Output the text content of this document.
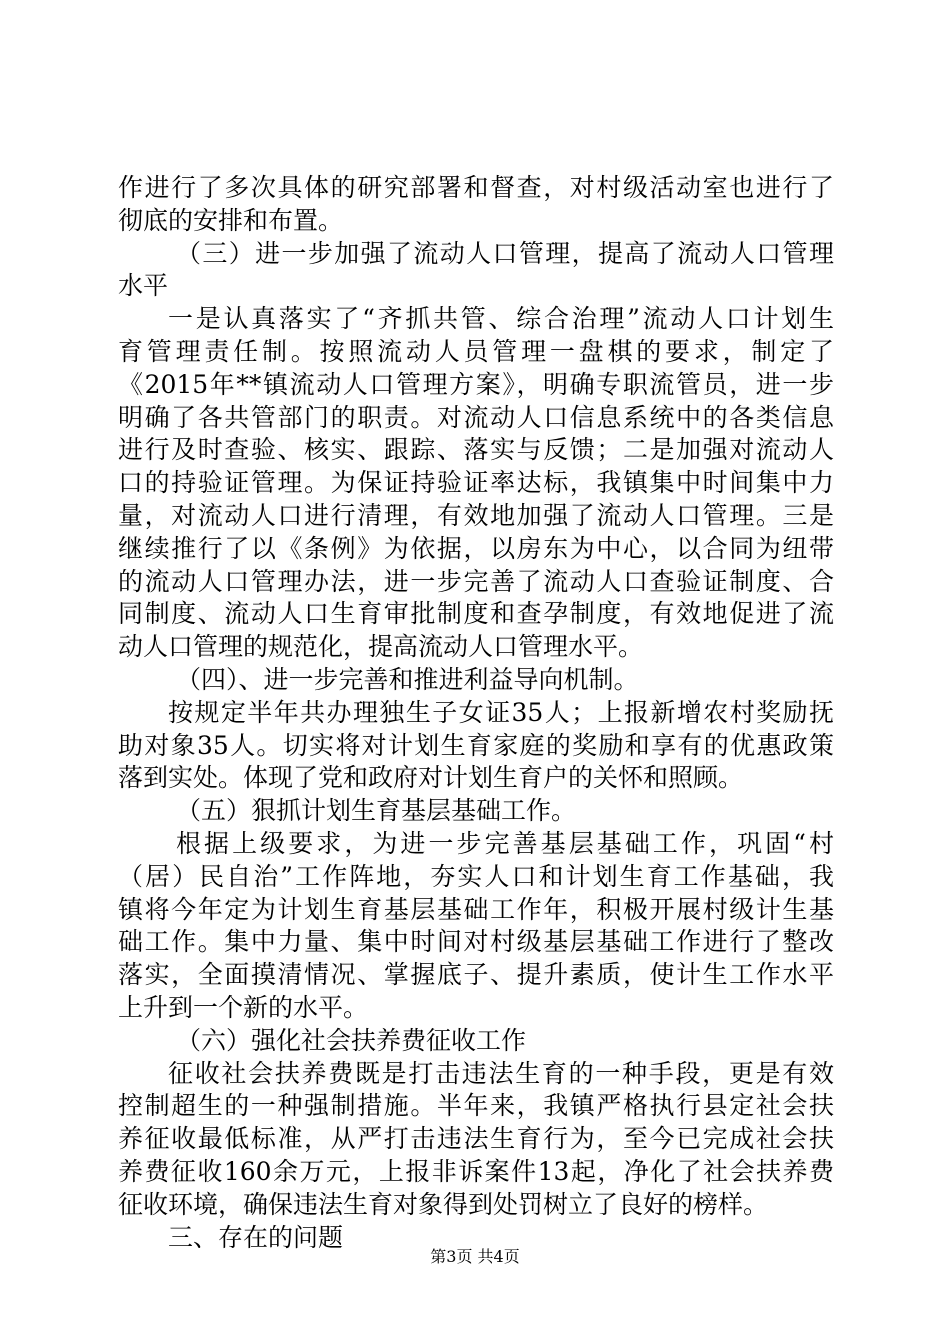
作进行了多次具体的研究部署和督查，对村级活动室也进行了
彻底的安排和布置。
（三）进一步加强了流动人口管理，提高了流动人口管理
水平
一是认真落实了“齐抓共管、综合治理”流动人口计划生
育管理责任制。按照流动人员管理一盘棋的要求，制定了
《2015年**镇流动人口管理方案》，明确专职流管员，进一步
明确了各共管部门的职责。对流动人口信息系统中的各类信息
进行及时查验、核实、跟踪、落实与反馈；二是加强对流动人
口的持验证管理。为保证持验证率达标，我镇集中时间集中力
量，对流动人口进行清理，有效地加强了流动人口管理。三是
继续推行了以《条例》为依据，以房东为中心，以合同为纽带
的流动人口管理办法，进一步完善了流动人口查验证制度、合
同制度、流动人口生育审批制度和查孕制度，有效地促进了流
动人口管理的规范化，提高流动人口管理水平。
（四）、进一步完善和推进利益导向机制。
按规定半年共办理独生子女证35人；上报新增农村奖励抚
助对象35人。切实将对计划生育家庭的奖励和享有的优惠政策
落到实处。体现了党和政府对计划生育户的关怀和照顾。
（五）狠抓计划生育基层基础工作。
根据上级要求，为进一步完善基层基础工作，巩固“村
（居）民自治”工作阵地，夯实人口和计划生育工作基础，我
镇将今年定为计划生育基层基础工作年，积极开展村级计生基
础工作。集中力量、集中时间对村级基层基础工作进行了整改
落实，全面摸清情况、掌握底子、提升素质，使计生工作水平
上升到一个新的水平。
（六）强化社会扶养费征收工作
征收社会扶养费既是打击违法生育的一种手段，更是有效
控制超生的一种强制措施。半年来，我镇严格执行县定社会扶
养征收最低标准，从严打击违法生育行为，至今已完成社会扶
养费征收160余万元，上报非诉案件13起，净化了社会扶养费
征收环境，确保违法生育对象得到处罚树立了良好的榜样。
三、存在的问题
第3页 共4页
